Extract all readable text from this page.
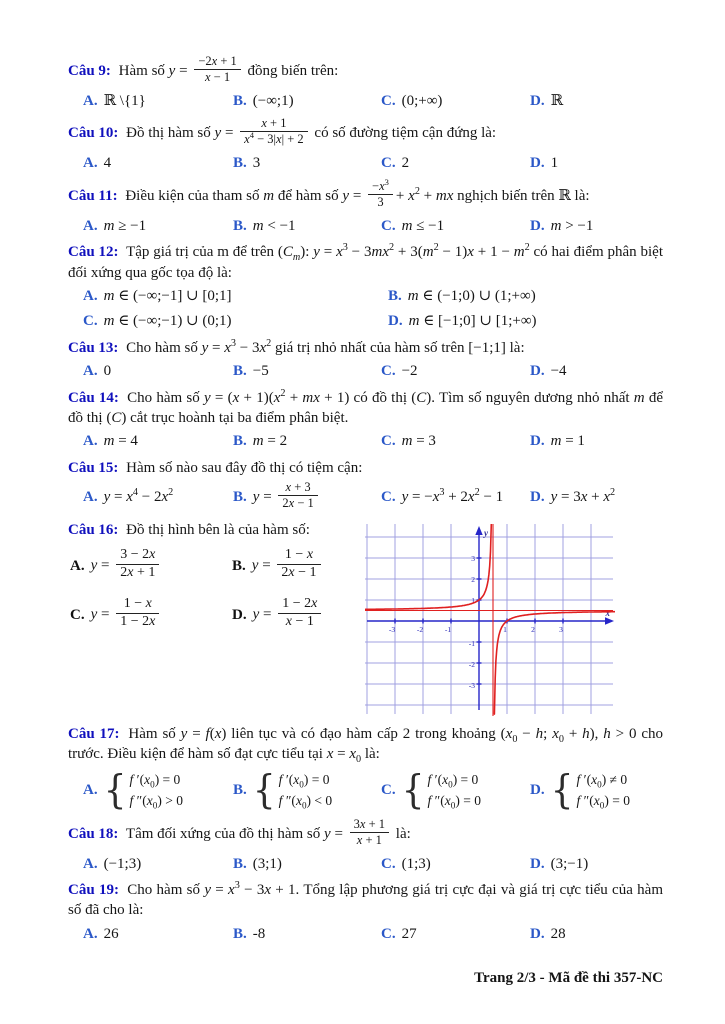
Câu 9: Hàm số $y = \frac{-2x + 1}{x - 1}$ đồng biến trên:

A. ℝ \{1}	B. (−∞;1)	C. (0;+∞)	D. ℝ

Câu 10: Đồ thị hàm số $y = \frac{x + 1}{x^4 - 3|x| + 2}$ có số đường tiệm cận đứng là:

A. 4	B. 3	C. 2	D. 1

Câu 11: Điều kiện của tham số m để hàm số $y = \frac{-x^3}{3} + x^2$ + mx nghịch biến trên ℝ là:

A. m ≥ −1	B. m < −1	C. m ≤ −1	D. m > −1

Câu 12: Tập giá trị của m để trên $(C_m)$: $y = x^3 - 3mx^2 + 3(m^2 - 1)x + 1 - m^2$ có hai điểm phân biệt đối xứng qua gốc tọa độ là:

A. m ∈ (−∞;−1] ∪ [0;1]	B. m ∈ (−1;0) ∪ (1;+∞)
C. m ∈ (−∞;−1) ∪ (0;1)	D. m ∈ [−1;0] ∪ [1;+∞)

Câu 13: Cho hàm số $y = x^3 - 3x^2$ giá trị nhỏ nhất của hàm số trên [−1;1] là:

A. 0	B. −5	C. −2	D. −4

Câu 14: Cho hàm số $y = (x + 1)(x^2$ + mx + 1) có đồ thị (C). Tìm số nguyên dương nhỏ nhất m để đồ thị (C) cắt trục hoành tại ba điểm phân biệt.

A. m = 4	B. m = 2	C. m = 3	D. m = 1

Câu 15: Hàm số nào sau đây đồ thị có tiệm cận:

A. $y = x^4 - 2x^2$	B. $y = \frac{x + 3}{2x - 1}$	C. $y = -x^3 + 2x^2 - 1$	D. $y = 3x + x^2$

Câu 16: Đồ thị hình bên là của hàm số:

A. $y = \frac{3 - 2x}{2x + 1}$	B. $y = \frac{1 - x}{2x - 1}$
C. $y = \frac{1 - x}{1 - 2x}$	D. $y = \frac{1 - 2x}{x - 1}$	-3	-2	-1	1	2	3
3
2
1
-1
-2
-3
x
y

Câu 17: Hàm số y = f(x) liên tục và có đạo hàm cấp 2 trong khoảng ($x_0 - h$; $x_0 + h$), h > 0 cho trước. Điều kiện để hàm số đạt cực tiểu tại $x = x_0$ là:

A. { f $'(x_0) = 0$
f $''(x_0) > 0$
B. { f $'(x_0) = 0$
f $''(x_0) < 0$
C. { f $'(x_0) = 0$
f $''(x_0) = 0$
D. { f $'(x_0) \ne 0$
f $''(x_0) = 0$

Câu 18: Tâm đối xứng của đồ thị hàm số $y = \frac{3x + 1}{x + 1}$ là:

A. (−1;3)	B. (3;1)	C. (1;3)	D. (3;−1)

Câu 19: Cho hàm số $y = x^3 - 3x + 1$. Tổng lập phương giá trị cực đại và giá trị cực tiểu của hàm số đã cho là:

A. 26	B. -8	C. 27	D. 28
Trang 2/3 - Mã đề thi 357-NC
